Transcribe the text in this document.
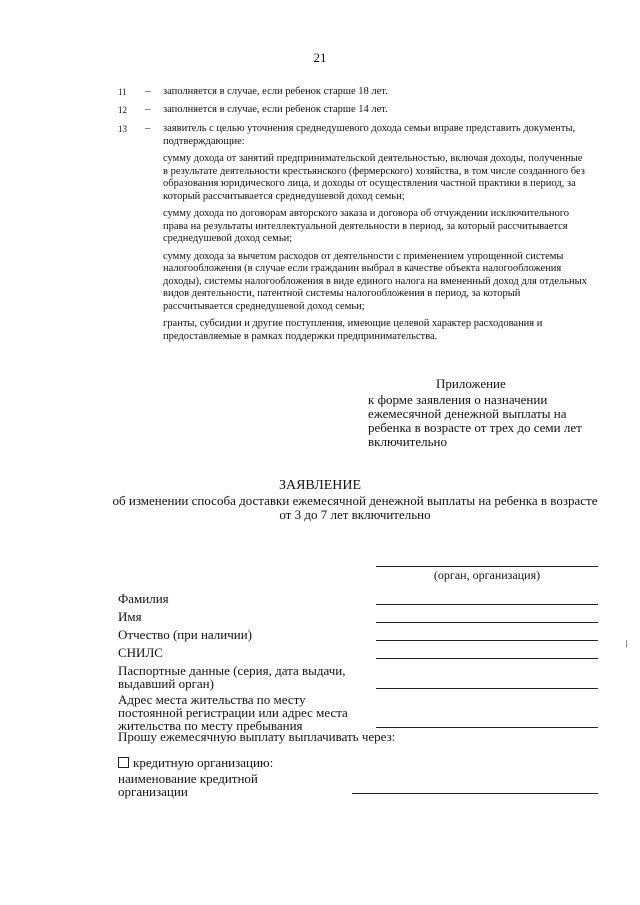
21
11 – заполняется в случае, если ребенок старше 18 лет.
12 – заполняется в случае, если ребенок старше 14 лет.
13 – заявитель с целью уточнения среднедушевого дохода семьи вправе представить документы, подтверждающие:
сумму дохода от занятий предпринимательской деятельностью, включая доходы, полученные в результате деятельности крестьянского (фермерского) хозяйства, в том числе созданного без образования юридического лица, и доходы от осуществления частной практики в период, за который рассчитывается среднедушевой доход семьи;
сумму дохода по договорам авторского заказа и договора об отчуждении исключительного права на результаты интеллектуальной деятельности в период, за который рассчитывается среднедушевой доход семьи;
сумму дохода за вычетом расходов от деятельности с применением упрощенной системы налогообложения (в случае если гражданин выбрал в качестве объекта налогообложения доходы), системы налогообложения в виде единого налога на вмененный доход для отдельных видов деятельности, патентной системы налогообложения в период, за который рассчитывается среднедушевой доход семьи;
гранты, субсидии и другие поступления, имеющие целевой характер расходования и предоставляемые в рамках поддержки предпринимательства.
Приложение
к форме заявления о назначении ежемесячной денежной выплаты на ребенка в возрасте от трех до семи лет включительно
ЗАЯВЛЕНИЕ
об изменении способа доставки ежемесячной денежной выплаты на ребенка в возрасте от 3 до 7 лет включительно
(орган, организация)
Фамилия
Имя
Отчество (при наличии)
СНИЛС
Паспортные данные (серия, дата выдачи, выдавший орган)
Адрес места жительства по месту постоянной регистрации или адрес места жительства по месту пребывания
Прошу ежемесячную выплату выплачивать через:
кредитную организацию:
наименование кредитной организации
